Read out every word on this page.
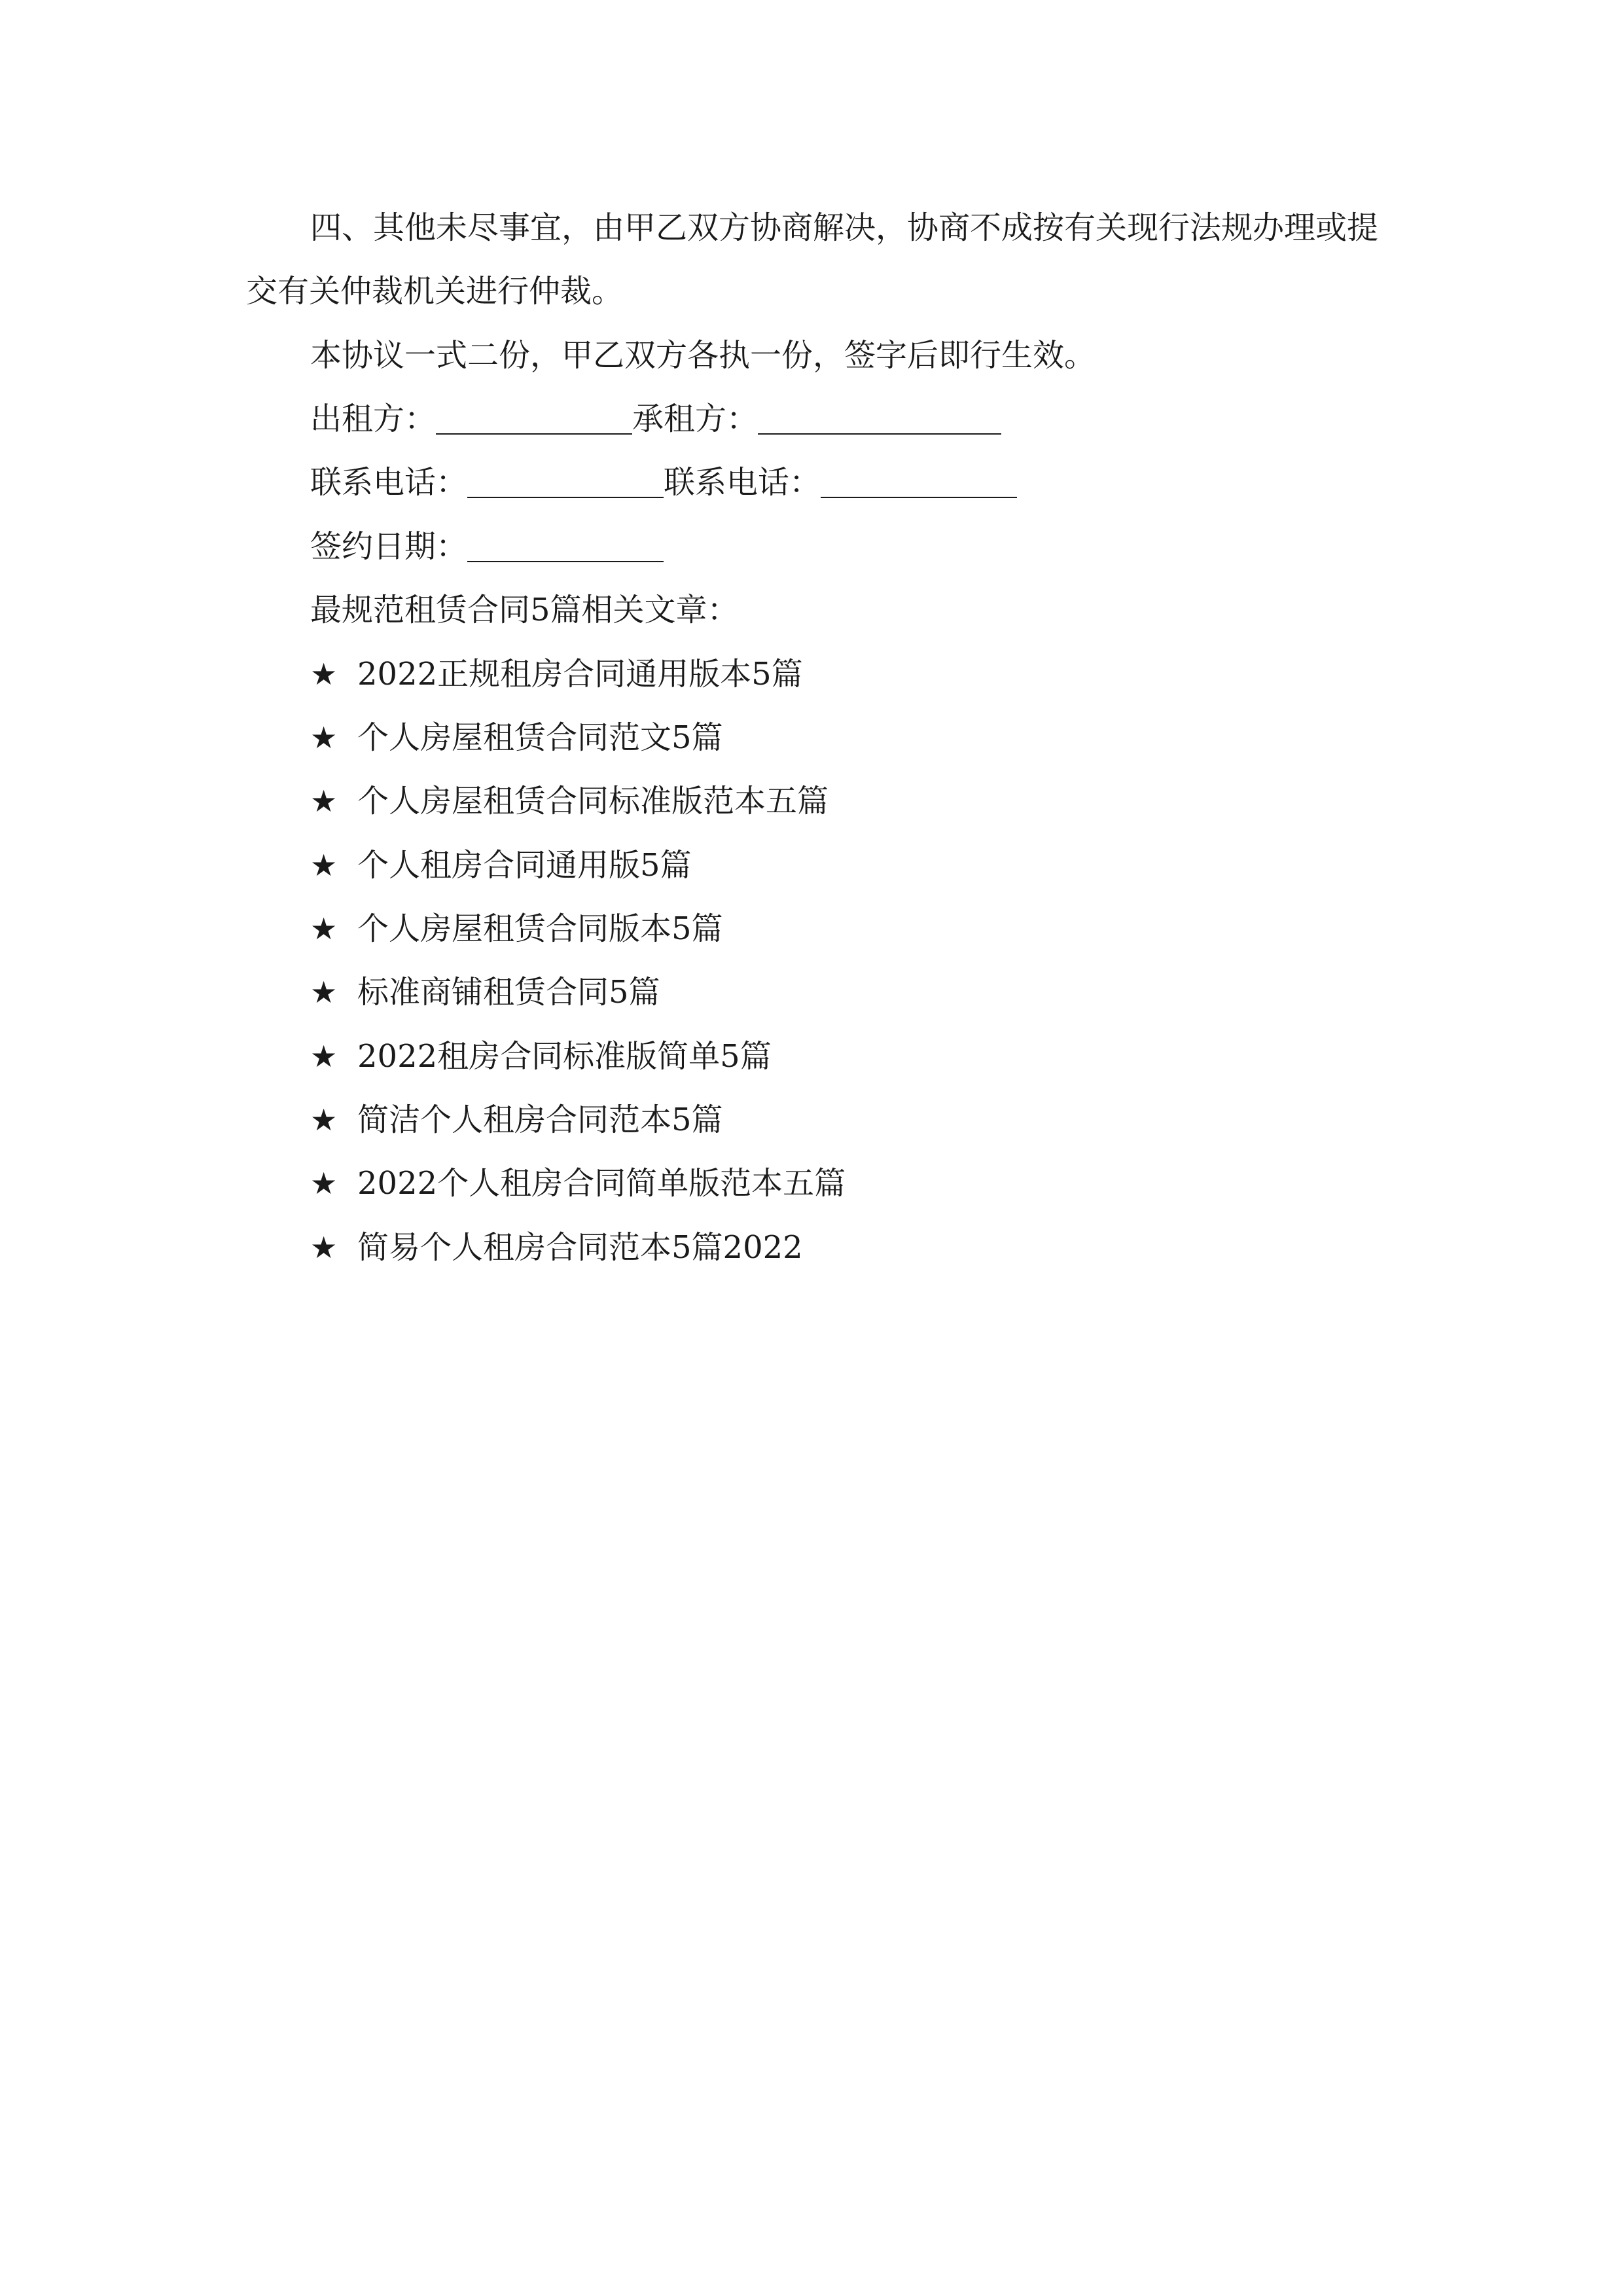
四、其他未尽事宜，由甲乙双方协商解决，协商不成按有关现行法规办理或提交有关仲裁机关进行仲裁。
本协议一式二份，甲乙双方各执一份，签字后即行生效。
出租方：	承租方：
联系电话：	联系电话：
签约日期：
最规范租赁合同5篇相关文章：
★ 2022正规租房合同通用版本5篇
★ 个人房屋租赁合同范文5篇
★ 个人房屋租赁合同标准版范本五篇
★ 个人租房合同通用版5篇
★ 个人房屋租赁合同版本5篇
★ 标准商铺租赁合同5篇
★ 2022租房合同标准版简单5篇
★ 简洁个人租房合同范本5篇
★ 2022个人租房合同简单版范本五篇
★ 简易个人租房合同范本5篇2022
